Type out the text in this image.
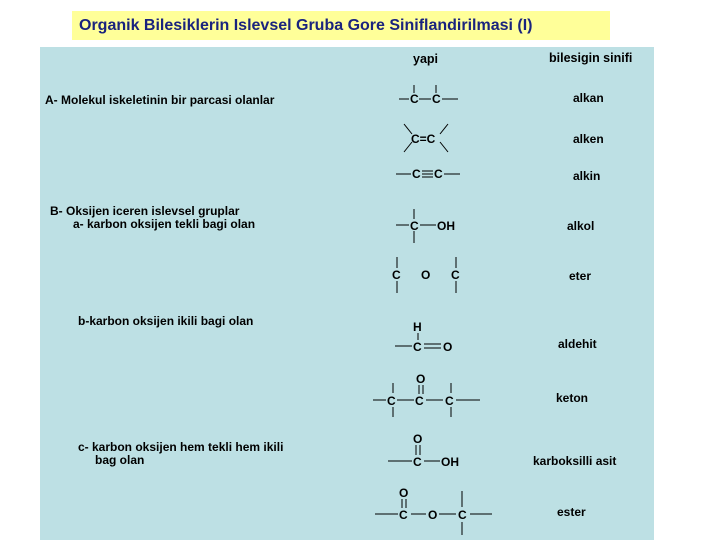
Organik Bilesiklerin Islevsel Gruba Gore Siniflandirilmasi (I)
yapi	bilesigin sinifi
A- Molekul iskeletinin bir parcasi olanlar
B- Oksijen iceren islevsel gruplar
a- karbon oksijen tekli bagi olan
b-karbon oksijen ikili bagi olan
c- karbon oksijen hem tekli hem ikili
bag olan
alkan
alken
alkin
alkol
eter
aldehit
keton
karboksilli asit
ester
C C
C=C
C C
C OH
C O C
H
C O
O
C C C
O
C OH
O
C O C
